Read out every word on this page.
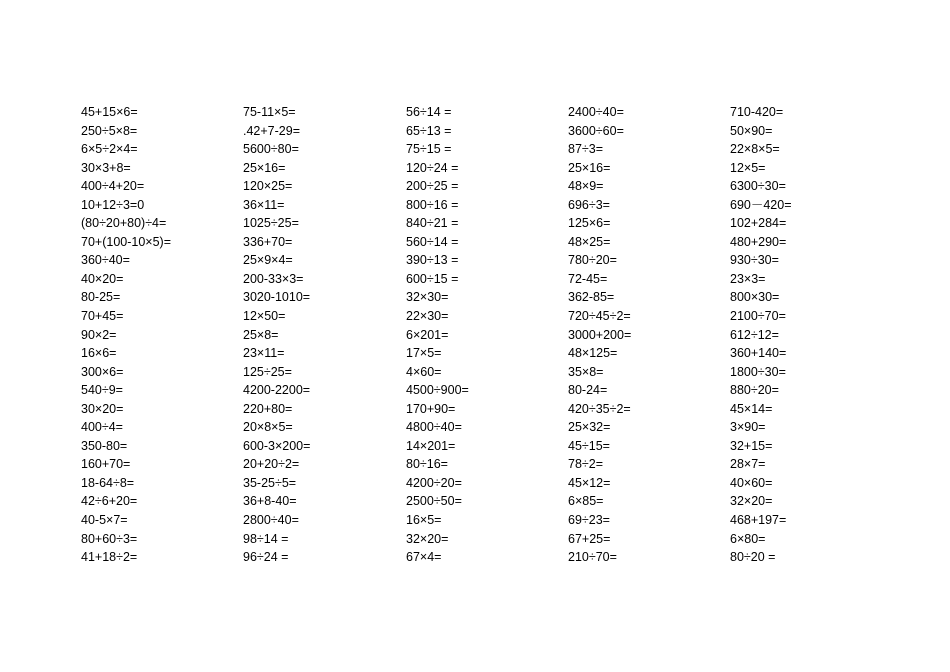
45+15×6=
250÷5×8=
6×5÷2×4=
30×3+8=
400÷4+20=
10+12÷3=0
(80÷20+80)÷4=
70+(100-10×5)=
360÷40=
40×20=
80-25=
70+45=
90×2=
16×6=
300×6=
540÷9=
30×20=
400÷4=
350-80=
160+70=
18-64÷8=
42÷6+20=
40-5×7=
80+60÷3=
41+18÷2=
75-11×5=
.42+7-29=
5600÷80=
25×16=
120×25=
36×11=
1025÷25=
336+70=
25×9×4=
200-33×3=
3020-1010=
12×50=
25×8=
23×11=
125÷25=
4200-2200=
220+80=
20×8×5=
600-3×200=
20+20÷2=
35-25÷5=
36+8-40=
2800÷40=
98÷14 =
96÷24 =
56÷14 =
65÷13 =
75÷15 =
120÷24 =
200÷25 =
800÷16 =
840÷21 =
560÷14 =
390÷13 =
600÷15 =
32×30=
22×30=
6×201=
17×5=
4×60=
4500÷900=
170+90=
4800÷40=
14×201=
80÷16=
4200÷20=
2500÷50=
16×5=
32×20=
67×4=
2400÷40=
3600÷60=
87÷3=
25×16=
48×9=
696÷3=
125×6=
48×25=
780÷20=
72-45=
362-85=
720÷45÷2=
3000+200=
48×125=
35×8=
80-24=
420÷35÷2=
25×32=
45÷15=
78÷2=
45×12=
6×85=
69÷23=
67+25=
210÷70=
710-420=
50×90=
22×8×5=
12×5=
6300÷30=
690－420=
102+284=
480+290=
930÷30=
23×3=
800×30=
2100÷70=
612÷12=
360+140=
1800÷30=
880÷20=
45×14=
3×90=
32+15=
28×7=
40×60=
32×20=
468+197=
6×80=
80÷20 =
